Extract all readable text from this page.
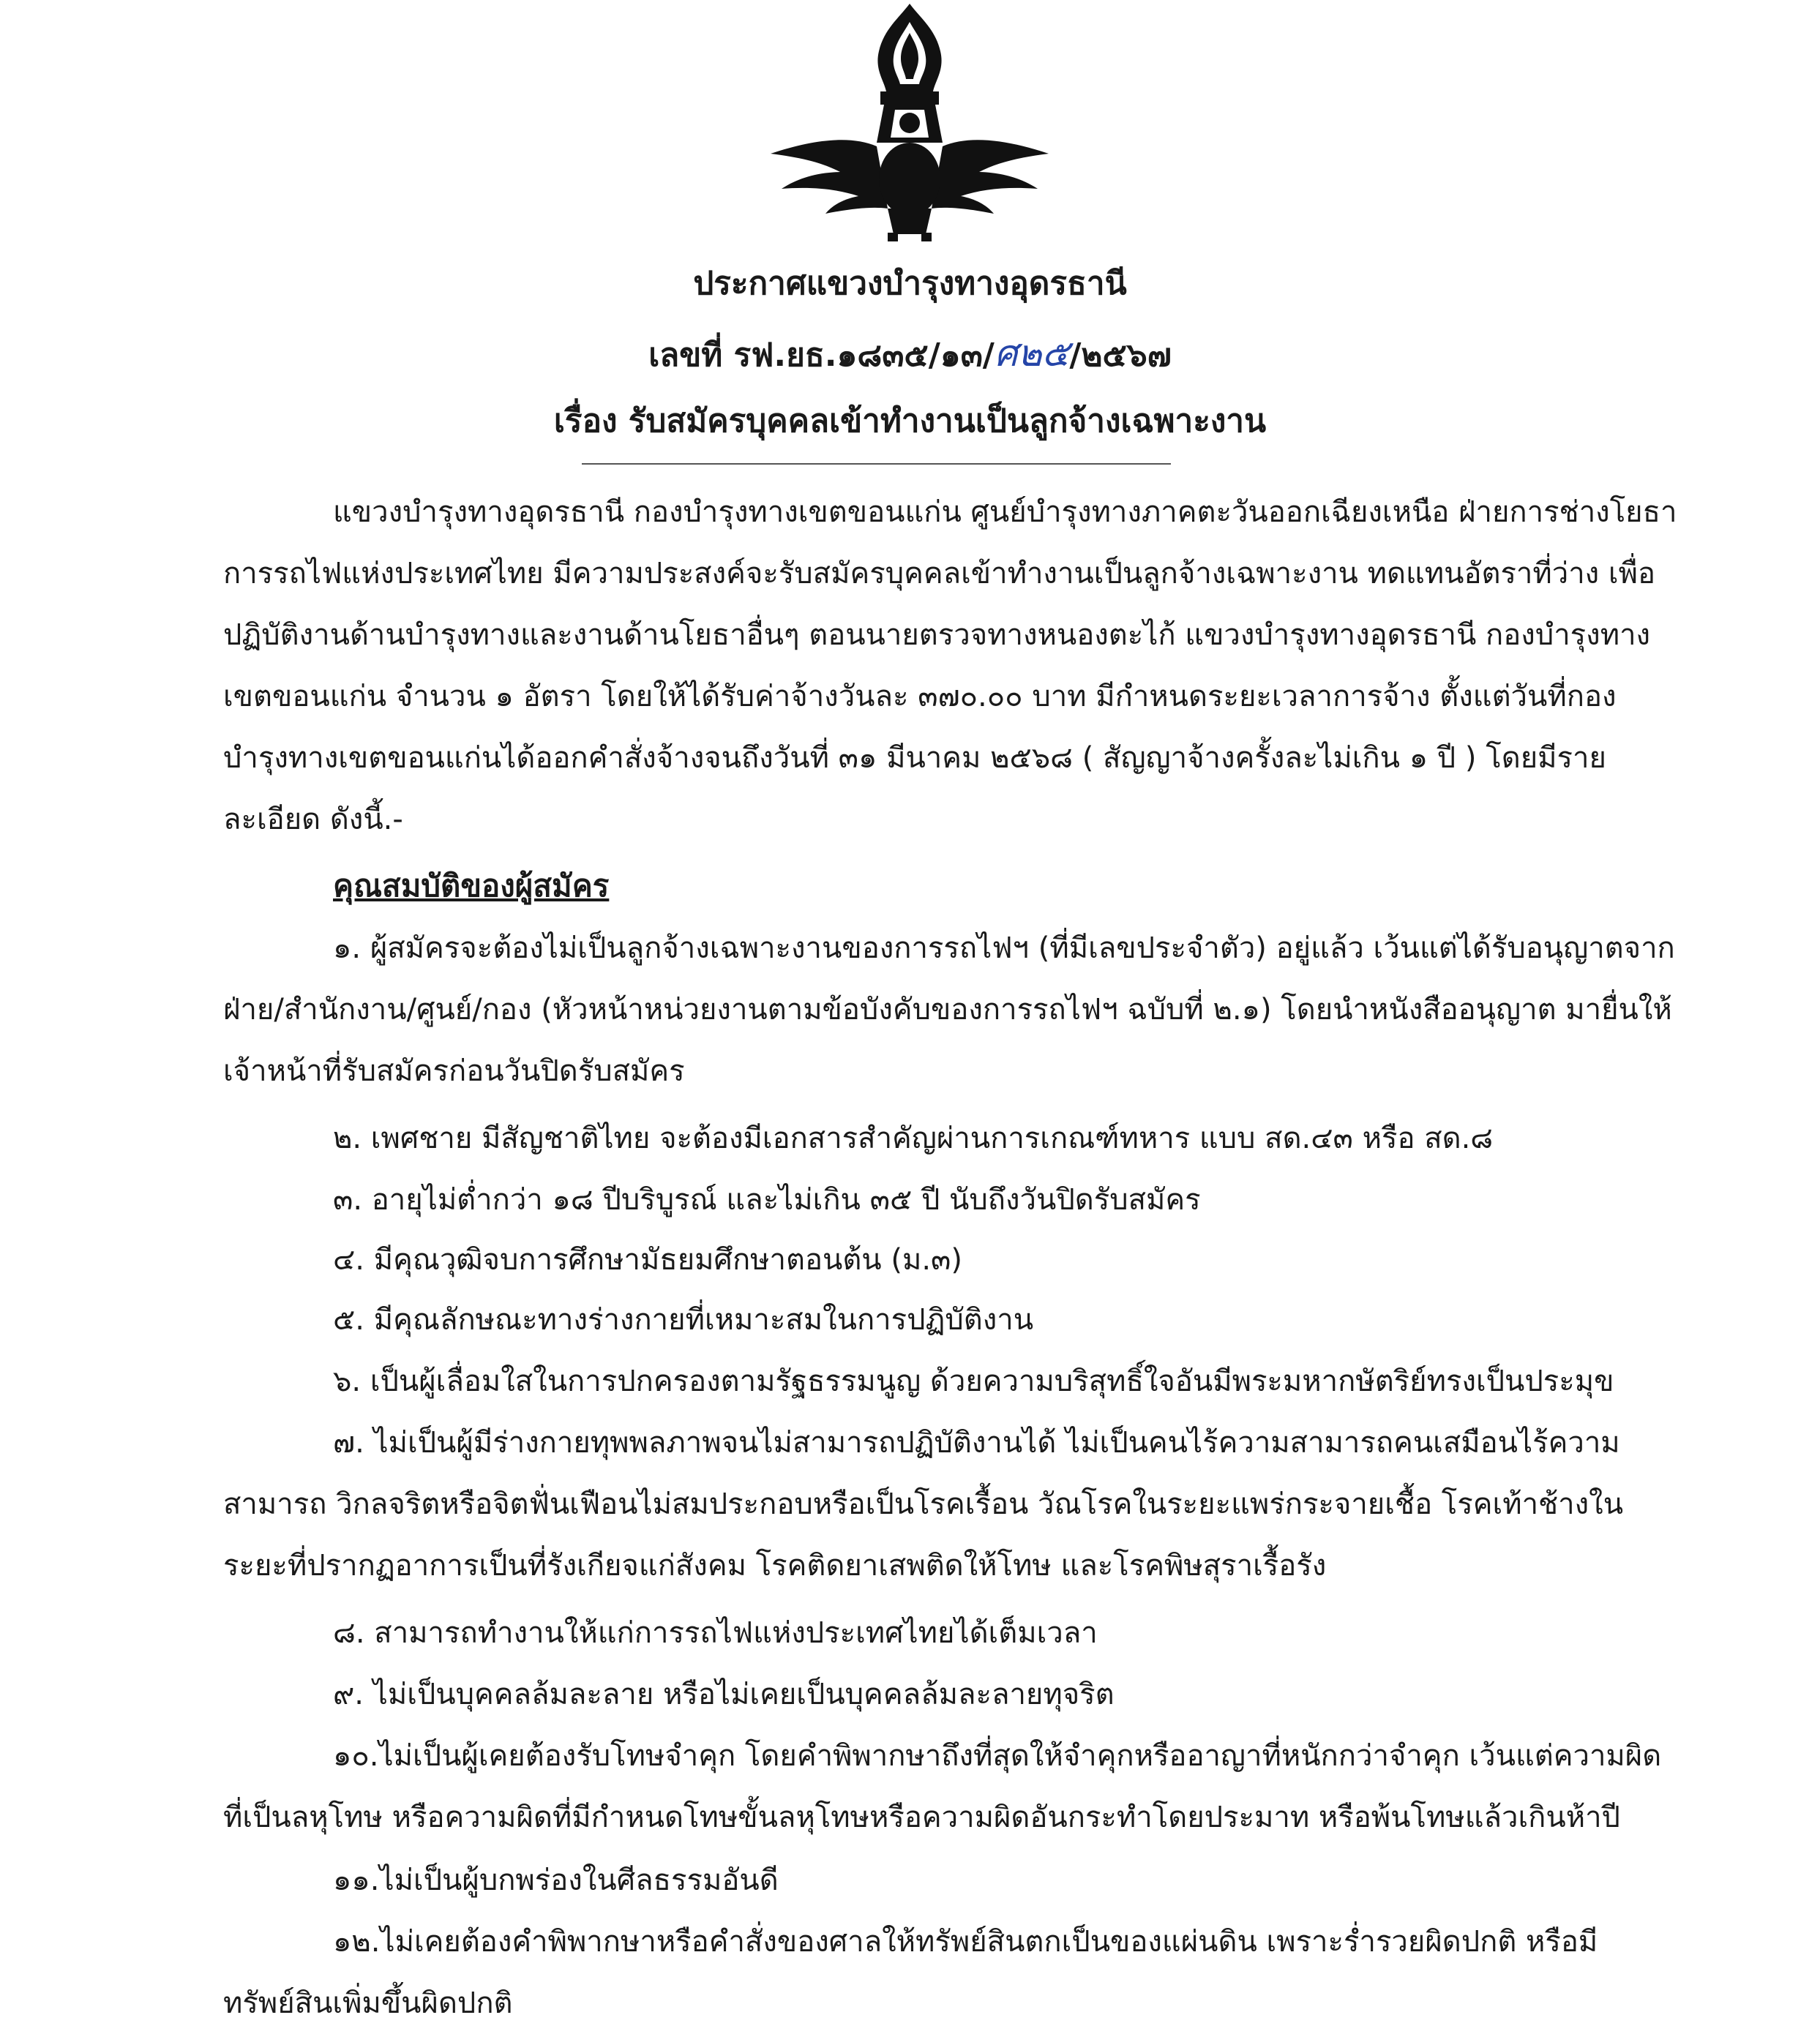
ประกาศแขวงบำรุงทางอุดรธานี
เลขที่ รฟ.ยธ.๑๘๓๕/๑๓/ศ๒๕/๒๕๖๗
เรื่อง รับสมัครบุคคลเข้าทำงานเป็นลูกจ้างเฉพาะงาน
แขวงบำรุงทางอุดรธานี กองบำรุงทางเขตขอนแก่น ศูนย์บำรุงทางภาคตะวันออกเฉียงเหนือ ฝ่ายการช่างโยธา การรถไฟแห่งประเทศไทย มีความประสงค์จะรับสมัครบุคคลเข้าทำงานเป็นลูกจ้างเฉพาะงาน ทดแทนอัตราที่ว่าง เพื่อปฏิบัติงานด้านบำรุงทางและงานด้านโยธาอื่นๆ ตอนนายตรวจทางหนองตะไก้ แขวงบำรุงทางอุดรธานี กองบำรุงทางเขตขอนแก่น จำนวน ๑ อัตรา โดยให้ได้รับค่าจ้างวันละ ๓๗๐.๐๐ บาท มีกำหนดระยะเวลาการจ้าง ตั้งแต่วันที่กองบำรุงทางเขตขอนแก่นได้ออกคำสั่งจ้างจนถึงวันที่ ๓๑ มีนาคม ๒๕๖๘ ( สัญญาจ้างครั้งละไม่เกิน ๑ ปี ) โดยมีรายละเอียด ดังนี้.-
คุณสมบัติของผู้สมัคร
๑. ผู้สมัครจะต้องไม่เป็นลูกจ้างเฉพาะงานของการรถไฟฯ (ที่มีเลขประจำตัว) อยู่แล้ว เว้นแต่ได้รับอนุญาตจาก ฝ่าย/สำนักงาน/ศูนย์/กอง (หัวหน้าหน่วยงานตามข้อบังคับของการรถไฟฯ ฉบับที่ ๒.๑) โดยนำหนังสืออนุญาต มายื่นให้เจ้าหน้าที่รับสมัครก่อนวันปิดรับสมัคร
๒. เพศชาย มีสัญชาติไทย จะต้องมีเอกสารสำคัญผ่านการเกณฑ์ทหาร แบบ สด.๔๓ หรือ สด.๘
๓. อายุไม่ต่ำกว่า ๑๘ ปีบริบูรณ์ และไม่เกิน ๓๕ ปี นับถึงวันปิดรับสมัคร
๔. มีคุณวุฒิจบการศึกษามัธยมศึกษาตอนต้น (ม.๓)
๕. มีคุณลักษณะทางร่างกายที่เหมาะสมในการปฏิบัติงาน
๖. เป็นผู้เลื่อมใสในการปกครองตามรัฐธรรมนูญ ด้วยความบริสุทธิ์ใจอันมีพระมหากษัตริย์ทรงเป็นประมุข
๗. ไม่เป็นผู้มีร่างกายทุพพลภาพจนไม่สามารถปฏิบัติงานได้ ไม่เป็นคนไร้ความสามารถคนเสมือนไร้ความสามารถ วิกลจริตหรือจิตฟั่นเฟือนไม่สมประกอบหรือเป็นโรคเรื้อน วัณโรคในระยะแพร่กระจายเชื้อ โรคเท้าช้างในระยะที่ปรากฏอาการเป็นที่รังเกียจแก่สังคม โรคติดยาเสพติดให้โทษ และโรคพิษสุราเรื้อรัง
๘. สามารถทำงานให้แก่การรถไฟแห่งประเทศไทยได้เต็มเวลา
๙. ไม่เป็นบุคคลล้มละลาย หรือไม่เคยเป็นบุคคลล้มละลายทุจริต
๑๐.ไม่เป็นผู้เคยต้องรับโทษจำคุก โดยคำพิพากษาถึงที่สุดให้จำคุกหรืออาญาที่หนักกว่าจำคุก เว้นแต่ความผิดที่เป็นลหุโทษ หรือความผิดที่มีกำหนดโทษขั้นลหุโทษหรือความผิดอันกระทำโดยประมาท หรือพ้นโทษแล้วเกินห้าปี
๑๑.ไม่เป็นผู้บกพร่องในศีลธรรมอันดี
๑๒.ไม่เคยต้องคำพิพากษาหรือคำสั่งของศาลให้ทรัพย์สินตกเป็นของแผ่นดิน เพราะร่ำรวยผิดปกติ หรือมีทรัพย์สินเพิ่มขึ้นผิดปกติ
